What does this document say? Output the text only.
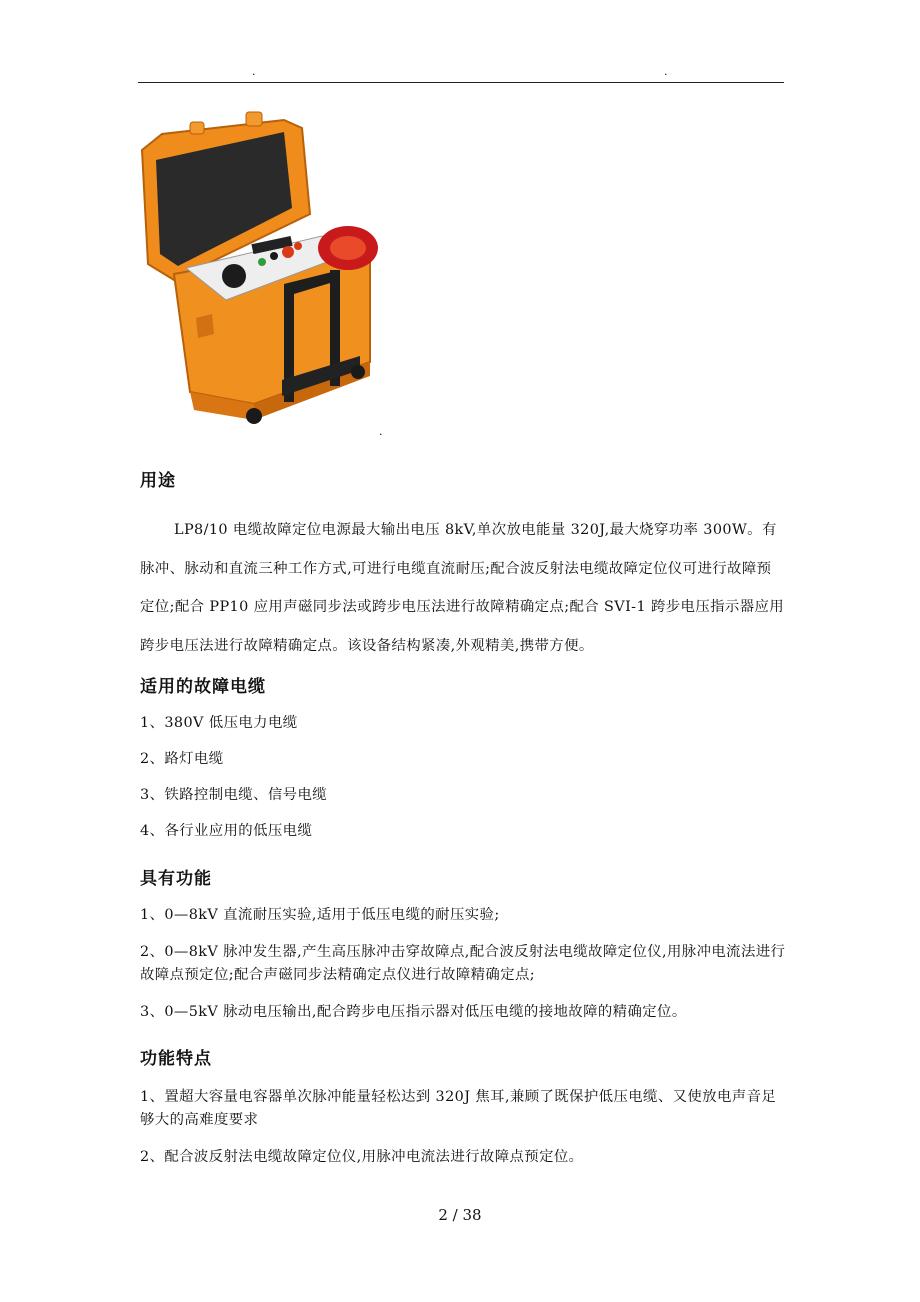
.	.
.
用途
LP8/10 电缆故障定位电源最大输出电压 8kV,单次放电能量 320J,最大烧穿功率 300W。有脉冲、脉动和直流三种工作方式,可进行电缆直流耐压;配合波反射法电缆故障定位仪可进行故障预定位;配合 PP10 应用声磁同步法或跨步电压法进行故障精确定点;配合 SVI-1 跨步电压指示器应用跨步电压法进行故障精确定点。该设备结构紧凑,外观精美,携带方便。
适用的故障电缆
1、380V 低压电力电缆
2、路灯电缆
3、铁路控制电缆、信号电缆
4、各行业应用的低压电缆
具有功能
1、0—8kV 直流耐压实验,适用于低压电缆的耐压实验;
2、0—8kV 脉冲发生器,产生高压脉冲击穿故障点,配合波反射法电缆故障定位仪,用脉冲电流法进行故障点预定位;配合声磁同步法精确定点仪进行故障精确定点;
3、0—5kV 脉动电压输出,配合跨步电压指示器对低压电缆的接地故障的精确定位。
功能特点
1、置超大容量电容器单次脉冲能量轻松达到 320J 焦耳,兼顾了既保护低压电缆、又使放电声音足够大的高难度要求
2、配合波反射法电缆故障定位仪,用脉冲电流法进行故障点预定位。
2 / 38
